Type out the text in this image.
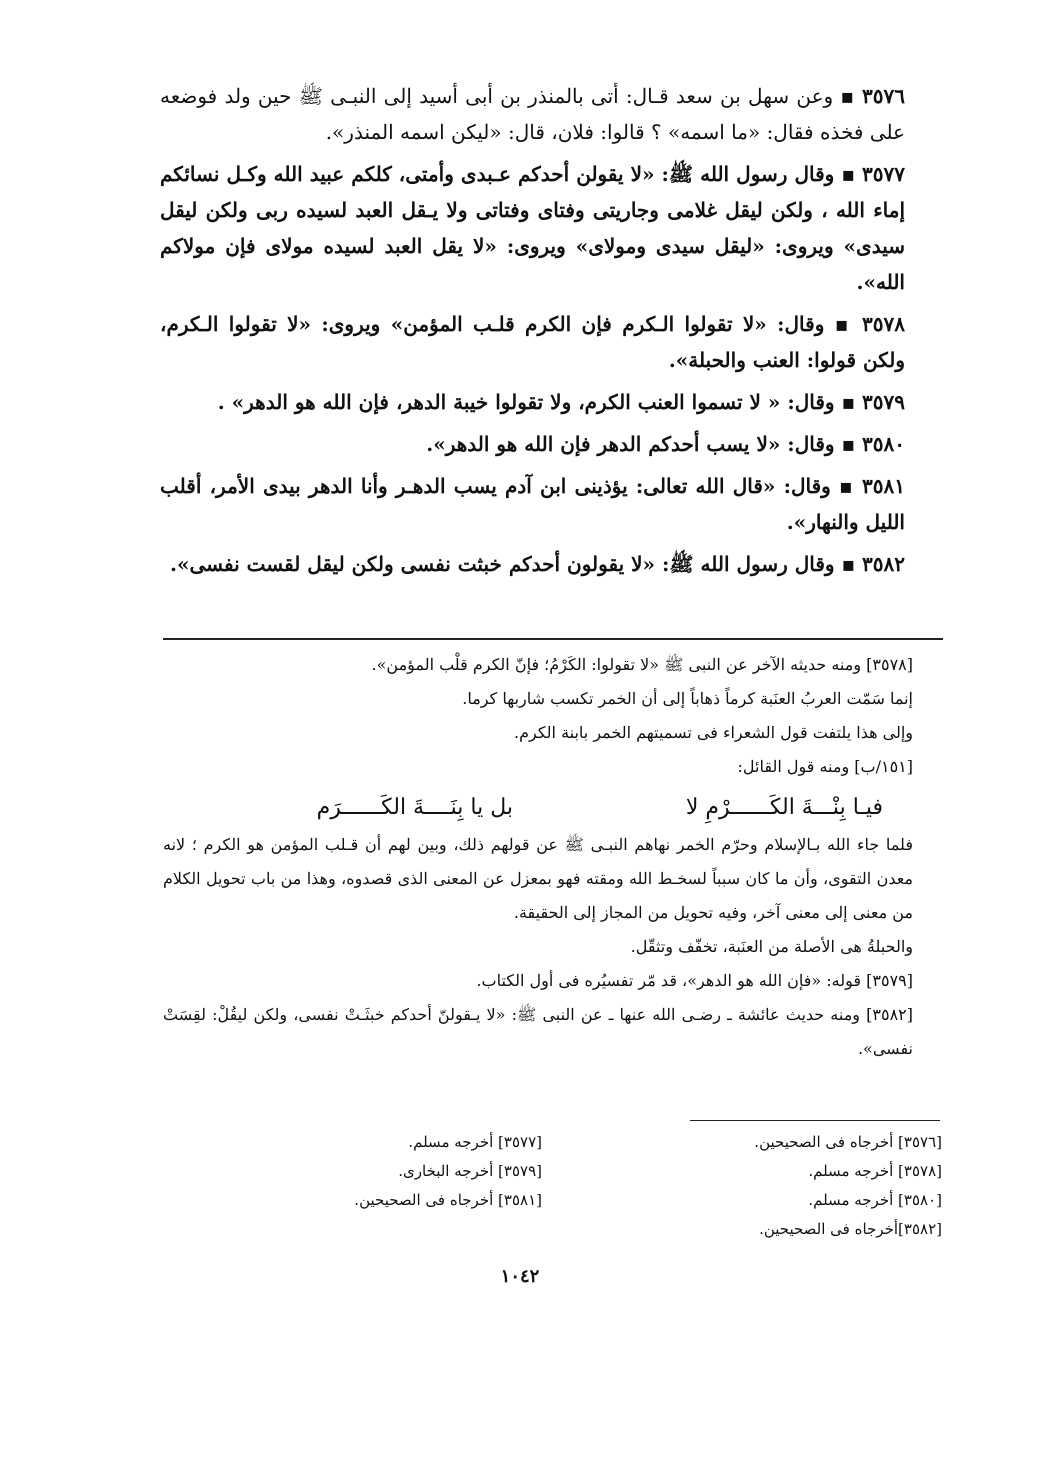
٣٥٧٦ ▪ وعن سهل بن سعد قـال: أتى بالمنذر بن أبى أسيد إلى النبـى ﷺ حين ولد فوضعه على فخذه فقال: «ما اسمه» ؟ قالوا: فلان، قال: «ليكن اسمه المنذر».

٣٥٧٧ ▪ وقال رسول الله ﷺ: «لا يقولن أحدكم عـبدى وأمتى، كلكم عبيد الله وكـل نسائكم إماء الله ، ولكن ليقل غلامى وجاريتى وفتاى وفتاتى ولا يـقل العبد لسيده ربى ولكن ليقل سيدى» ويروى: «ليقل سيدى ومولاى» ويروى: «لا يقل العبد لسيده مولاى فإن مولاكم الله».

٣٥٧٨ ▪ وقال: «لا تقولوا الـكرم فإن الكرم قلـب المؤمن» ويروى: «لا تقولوا الـكرم، ولكن قولوا: العنب والحبلة».

٣٥٧٩ ▪ وقال: « لا تسموا العنب الكرم، ولا تقولوا خيبة الدهر، فإن الله هو الدهر» .

٣٥٨٠ ▪ وقال: «لا يسب أحدكم الدهر فإن الله هو الدهر».

٣٥٨١ ▪ وقال: «قال الله تعالى: يؤذينى ابن آدم يسب الدهـر وأنا الدهر بيدى الأمر، أقلب الليل والنهار».

٣٥٨٢ ▪ وقال رسول الله ﷺ: «لا يقولون أحدكم خبثت نفسى ولكن ليقل لقست نفسى».

[٣٥٧٨] ومنه حديثه الآخر عن النبى ﷺ «لا تقولوا: الكَرْمُ؛ فإنّ الكرم قلْب المؤمن».

إنما سَمّت العربُ العنَبة كرماً ذهاباً إلى أن الخمر تكسب شاربها كرما.

وإلى هذا يلتفت قول الشعراء فى تسميتهم الخمر بابنة الكرم.

[١٥١/ب] ومنه قول القائل:

فيـا بِنْـــةَ الكَــــــرْمِ لا
بل يا بِنَــــةَ الكَــــــرَم

فلما جاء الله بـالإسلام وحرّم الخمر نهاهم النبـى ﷺ عن قولهم ذلك، وبين لهم أن قـلب المؤمن هو الكرم ؛ لانه معدن التقوى، وأن ما كان سبباً لسخـط الله ومقته فهو بمعزل عن المعنى الذى قصدوه، وهذا من باب تحويل الكلام من معنى إلى معنى آخر، وفيه تحويل من المجاز إلى الحقيقة.

والحبلةُ هى الأصلة من العنَبة، تخفّف وتثقّل.

[٣٥٧٩] قوله: «فإن الله هو الدهر»، قد مّر تفسيُره فى أول الكتاب.

[٣٥٨٢] ومنه حديث عائشة ـ رضـى الله عنها ـ عن النبى ﷺ: «لا يـقولنّ أحدكم خبثَـتْ نفسى، ولكن ليقُلْ: لقِسَتْ نفسى».

[٣٥٧٦] أخرجاه فى الصحيحين.
[٣٥٧٨] أخرجه مسلم.
[٣٥٨٠] أخرجه مسلم.
[٣٥٨٢]أخرجاه فى الصحيحين.
[٣٥٧٧] أخرجه مسلم.
[٣٥٧٩] أخرجه البخارى.
[٣٥٨١] أخرجاه فى الصحيحين.
١٠٤٢
